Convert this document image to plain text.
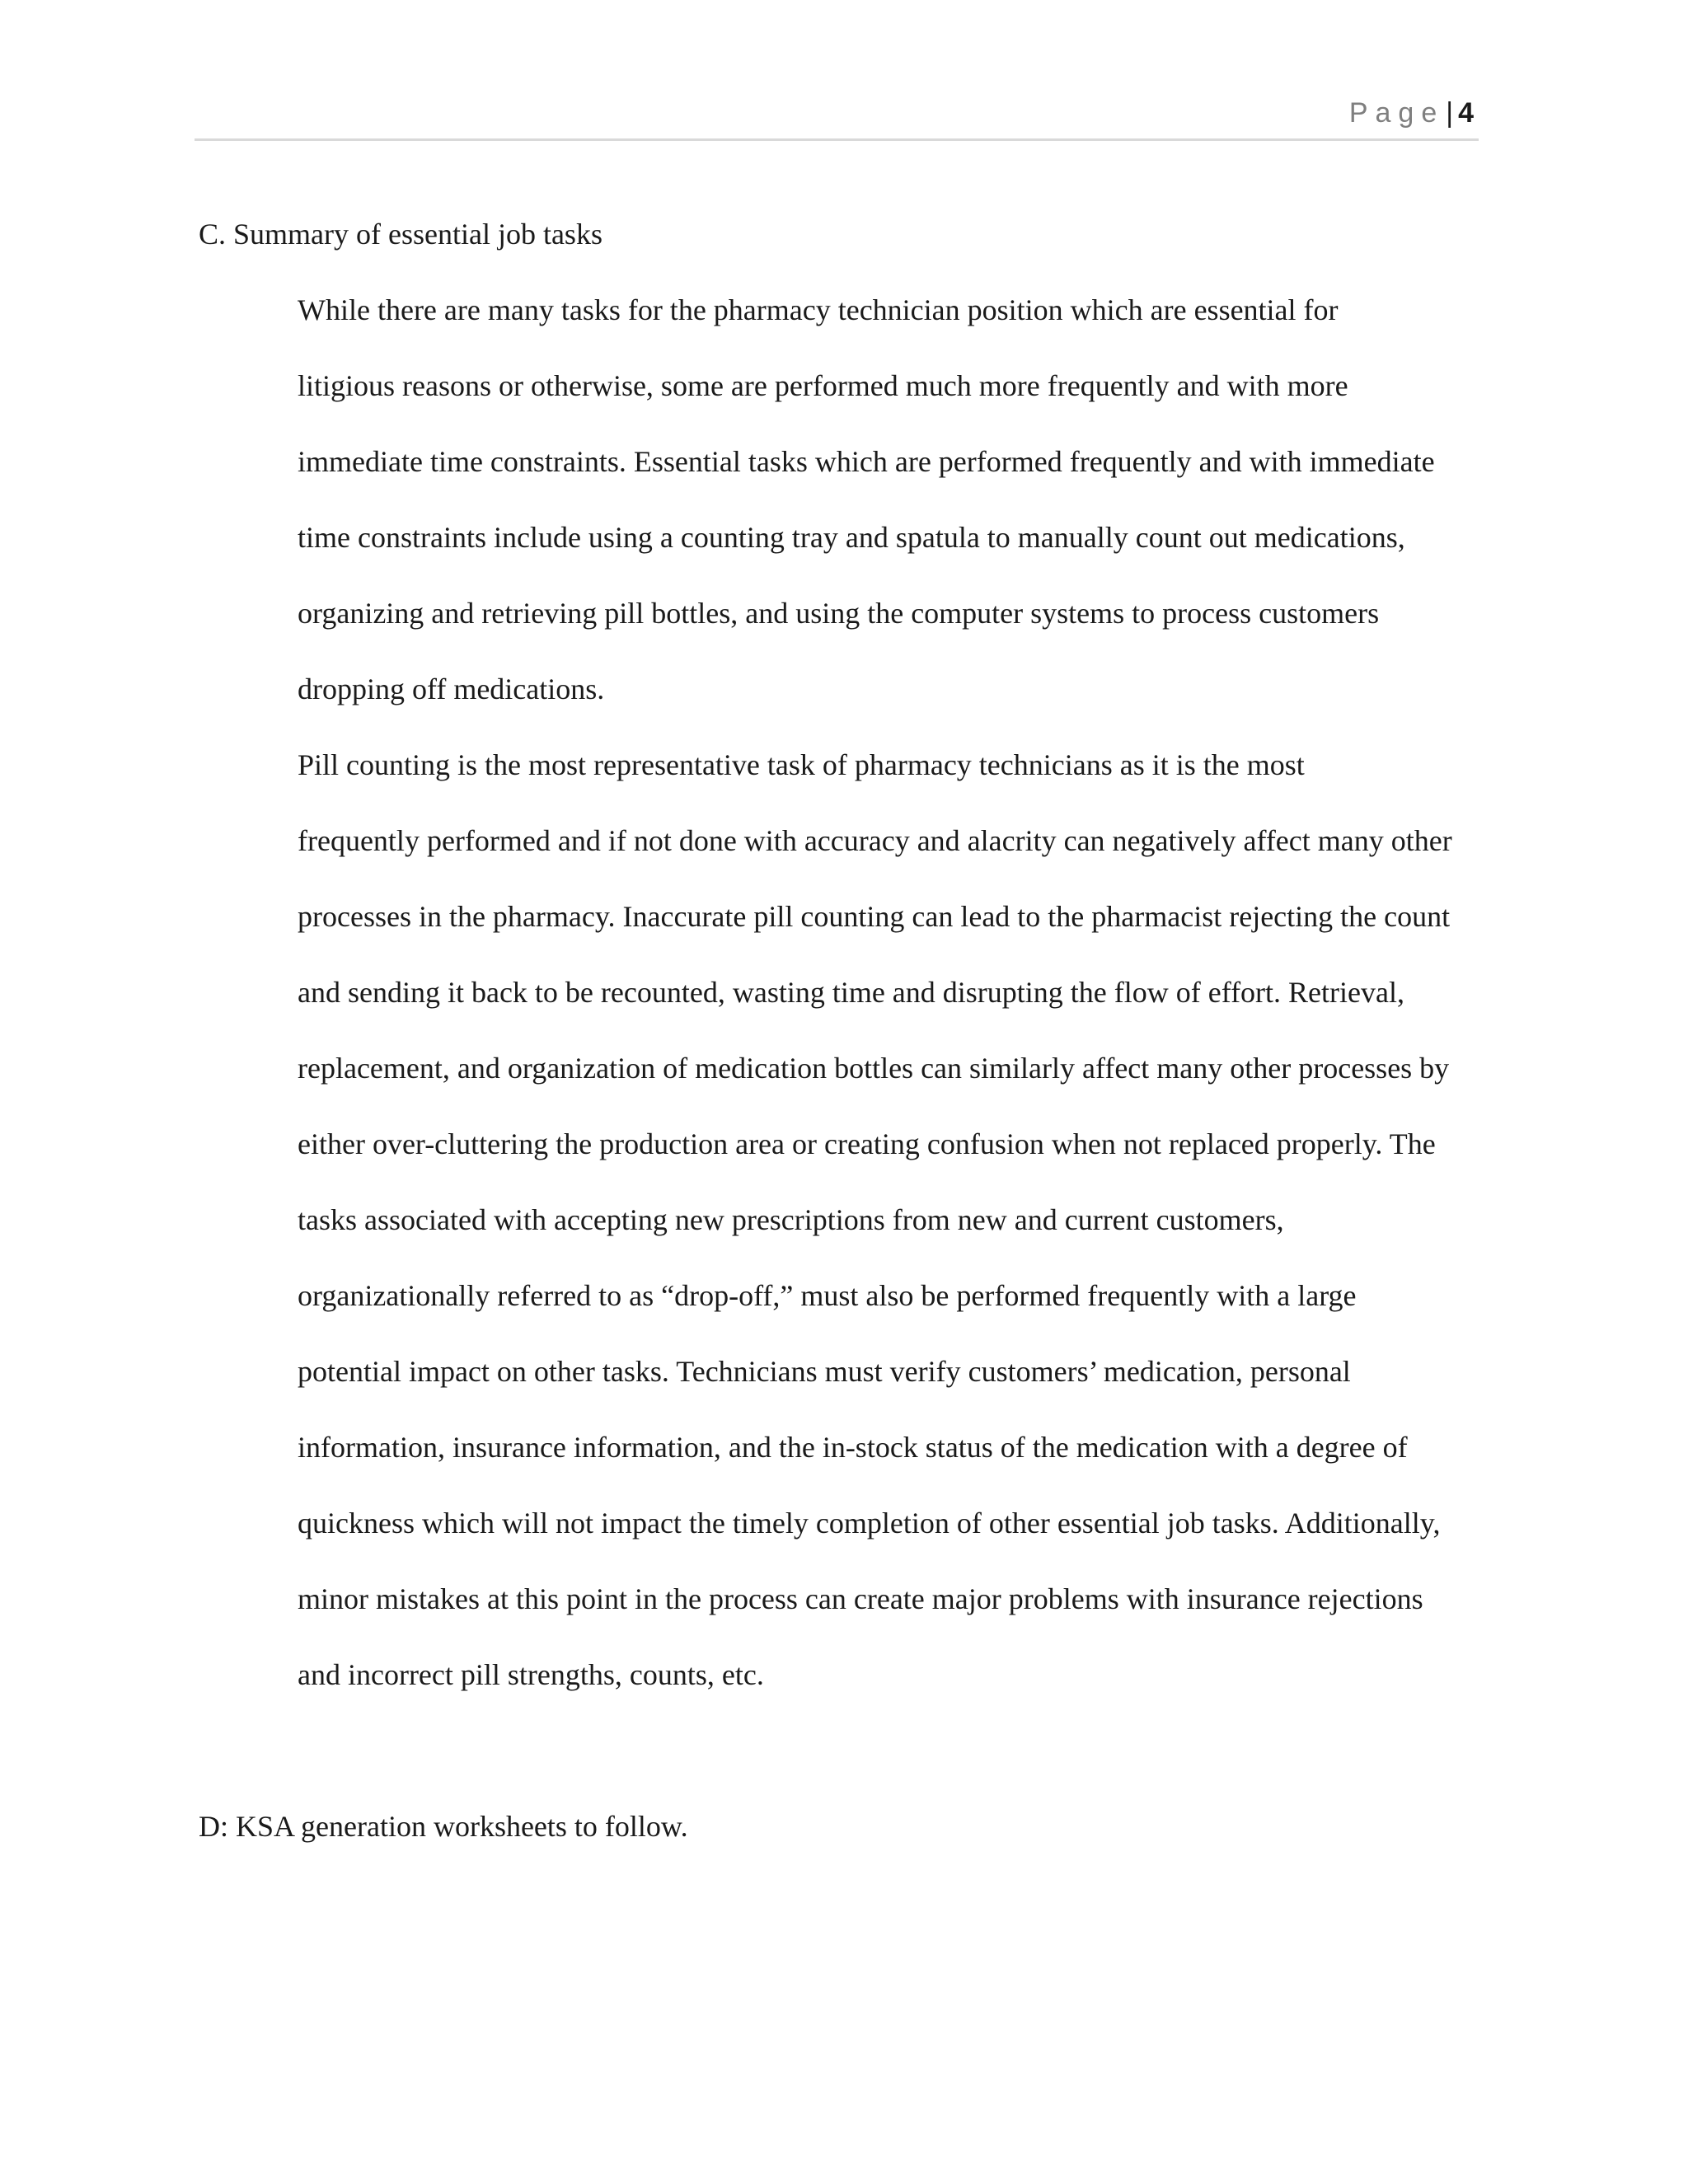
Page| 4

C. Summary of essential job tasks

While there are many tasks for the pharmacy technician position which are essential for
litigious reasons or otherwise, some are performed much more frequently and with more
immediate time constraints. Essential tasks which are performed frequently and with immediate
time constraints include using a counting tray and spatula to manually count out medications,
organizing and retrieving pill bottles, and using the computer systems to process customers
dropping off medications.

Pill counting is the most representative task of pharmacy technicians as it is the most
frequently performed and if not done with accuracy and alacrity can negatively affect many other
processes in the pharmacy. Inaccurate pill counting can lead to the pharmacist rejecting the count
and sending it back to be recounted, wasting time and disrupting the flow of effort. Retrieval,
replacement, and organization of medication bottles can similarly affect many other processes by
either over-cluttering the production area or creating confusion when not replaced properly. The
tasks associated with accepting new prescriptions from new and current customers,
organizationally referred to as “drop-off,” must also be performed frequently with a large
potential impact on other tasks. Technicians must verify customers’ medication, personal
information, insurance information, and the in-stock status of the medication with a degree of
quickness which will not impact the timely completion of other essential job tasks. Additionally,
minor mistakes at this point in the process can create major problems with insurance rejections
and incorrect pill strengths, counts, etc.

D: KSA generation worksheets to follow.
